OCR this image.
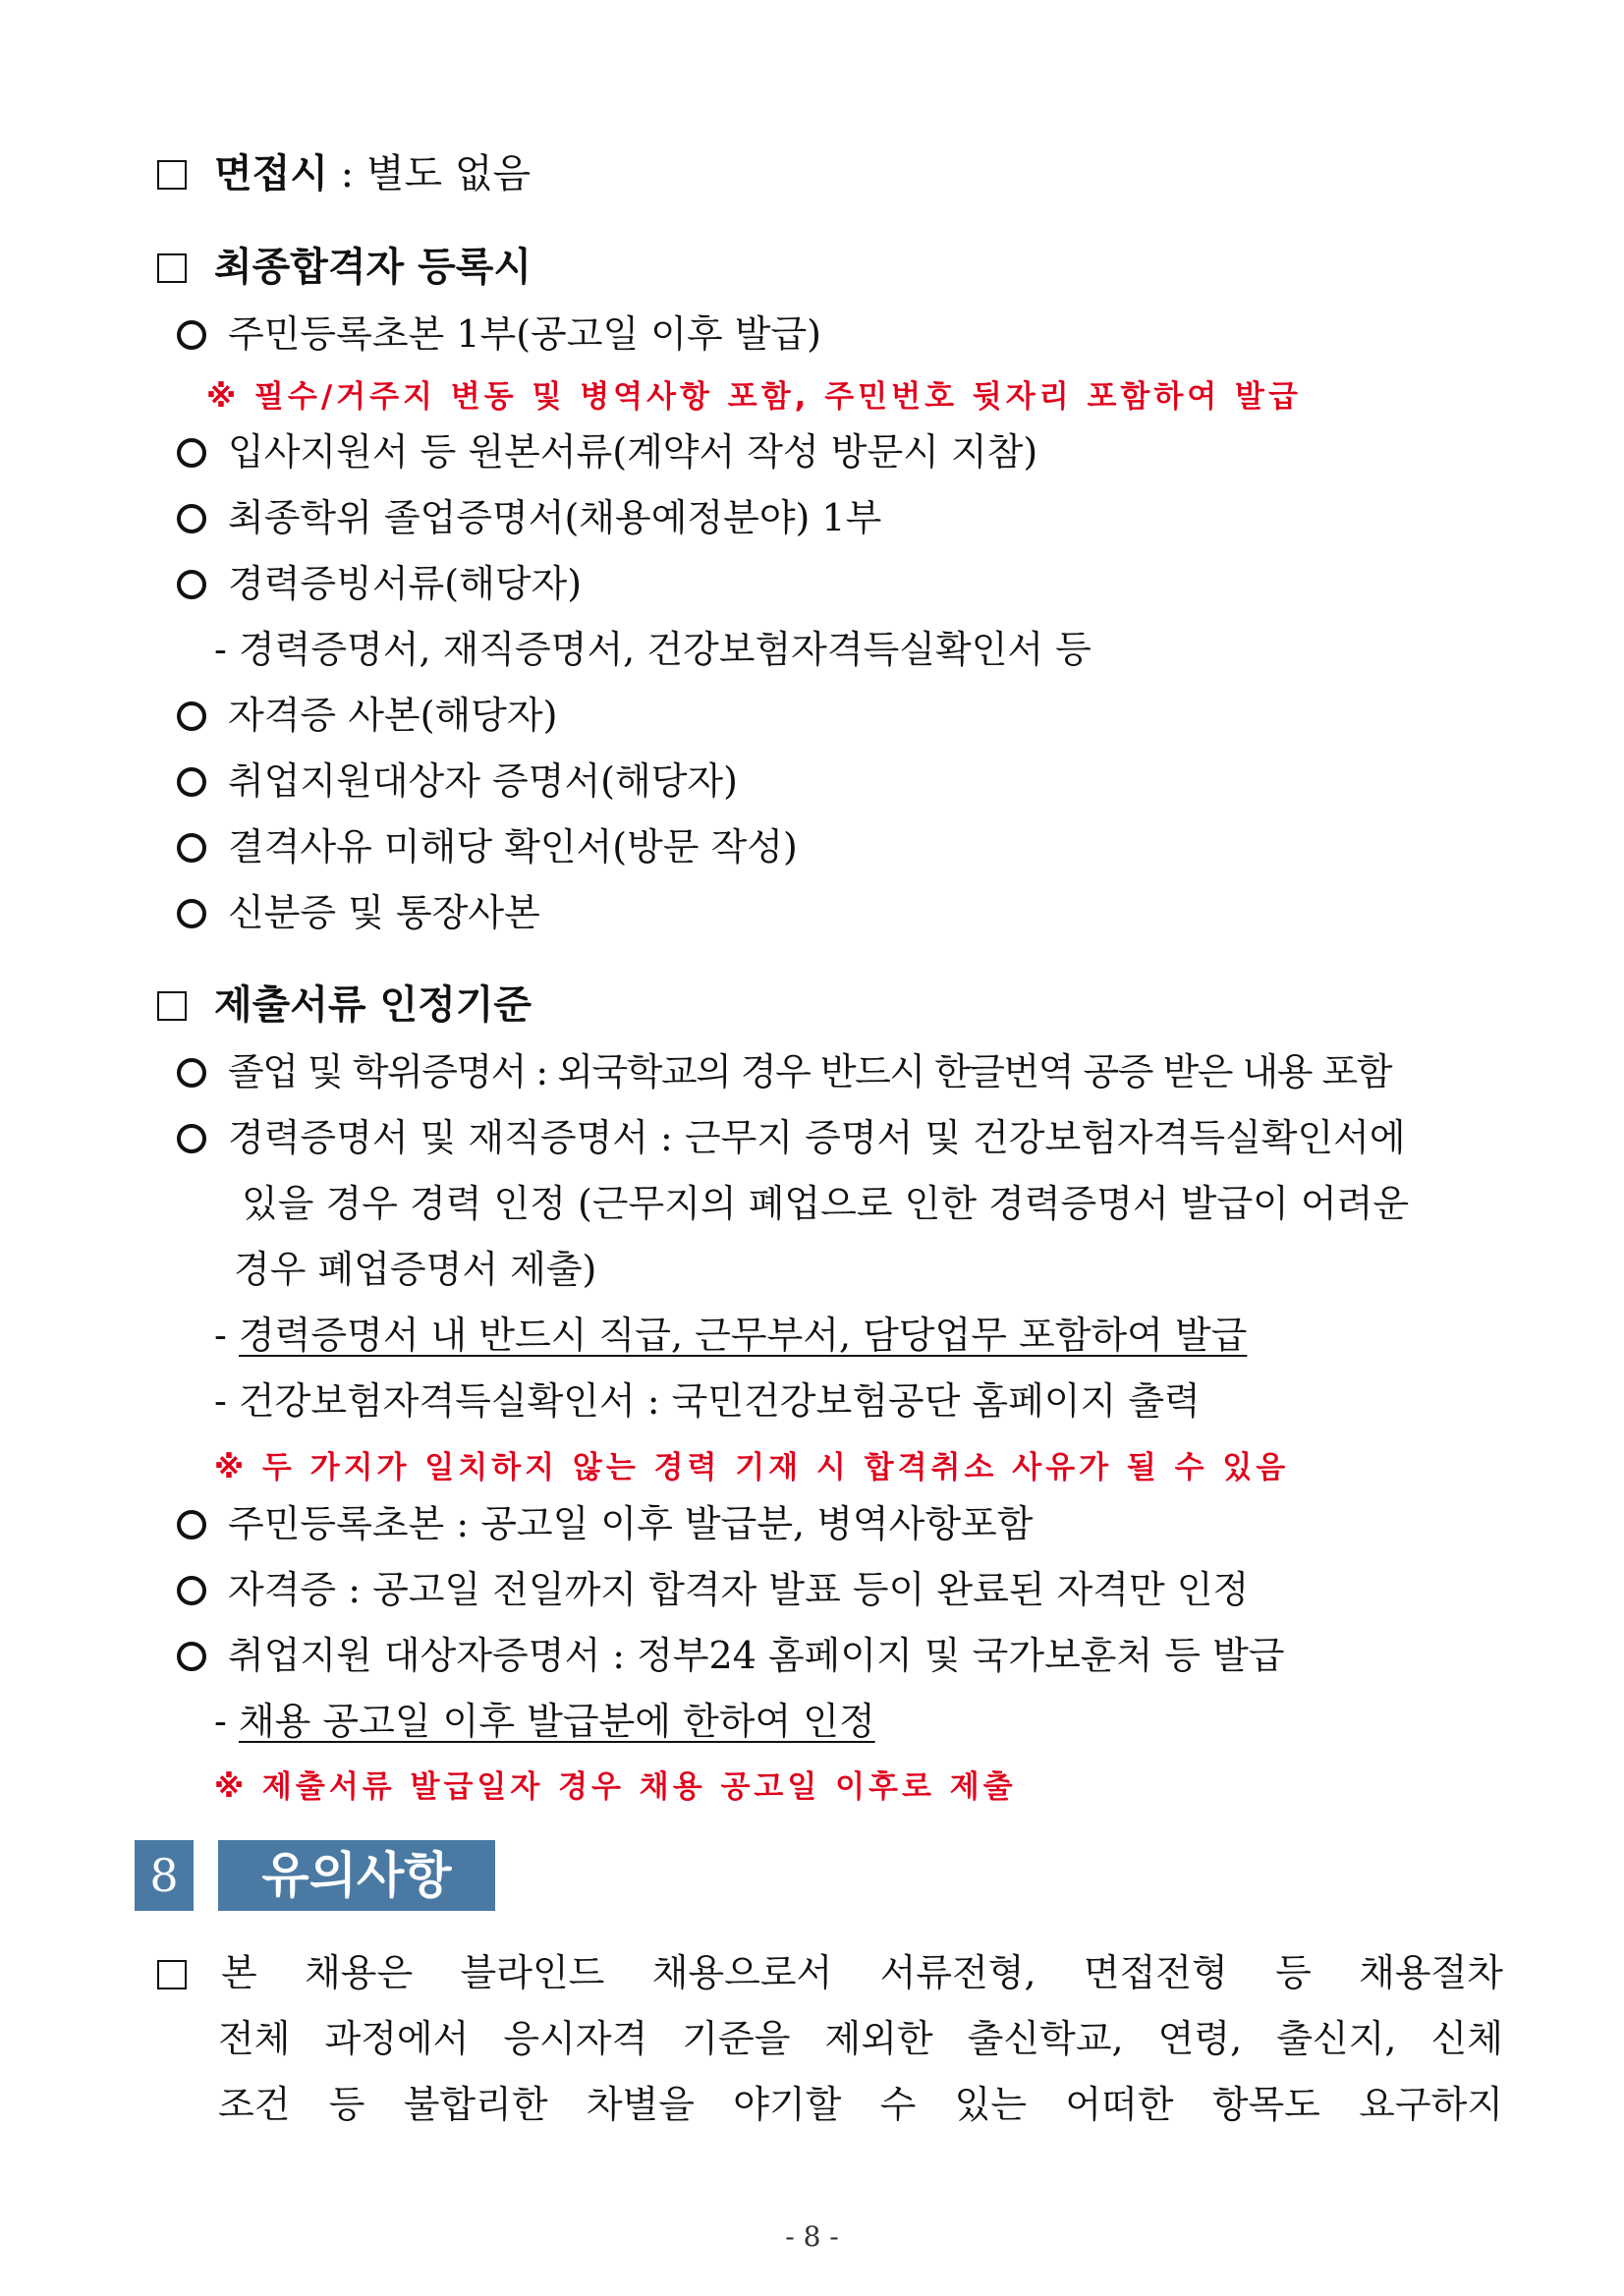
면접시 : 별도 없음
최종합격자 등록시
주민등록초본 1부(공고일 이후 발급)
※ 필수/거주지 변동 및 병역사항 포함, 주민번호 뒷자리 포함하여 발급
입사지원서 등 원본서류(계약서 작성 방문시 지참)
최종학위 졸업증명서(채용예정분야) 1부
경력증빙서류(해당자)
- 경력증명서, 재직증명서, 건강보험자격득실확인서 등
자격증 사본(해당자)
취업지원대상자 증명서(해당자)
결격사유 미해당 확인서(방문 작성)
신분증 및 통장사본
제출서류 인정기준
졸업 및 학위증명서 : 외국학교의 경우 반드시 한글번역 공증 받은 내용 포함
경력증명서 및 재직증명서 : 근무지 증명서 및 건강보험자격득실확인서에
있을 경우 경력 인정 (근무지의 폐업으로 인한 경력증명서 발급이 어려운
경우 폐업증명서 제출)
- 경력증명서 내 반드시 직급, 근무부서, 담당업무 포함하여 발급
- 건강보험자격득실확인서 : 국민건강보험공단 홈페이지 출력
※ 두 가지가 일치하지 않는 경력 기재 시 합격취소 사유가 될 수 있음
주민등록초본 : 공고일 이후 발급분, 병역사항포함
자격증 : 공고일 전일까지 합격자 발표 등이 완료된 자격만 인정
취업지원 대상자증명서 : 정부24 홈페이지 및 국가보훈처 등 발급
- 채용 공고일 이후 발급분에 한하여 인정
※ 제출서류 발급일자 경우 채용 공고일 이후로 제출
8	유의사항
본 채용은 블라인드 채용으로서 서류전형, 면접전형 등 채용절차
전체 과정에서 응시자격 기준을 제외한 출신학교, 연령, 출신지, 신체
조건 등 불합리한 차별을 야기할 수 있는 어떠한 항목도 요구하지
- 8 -
